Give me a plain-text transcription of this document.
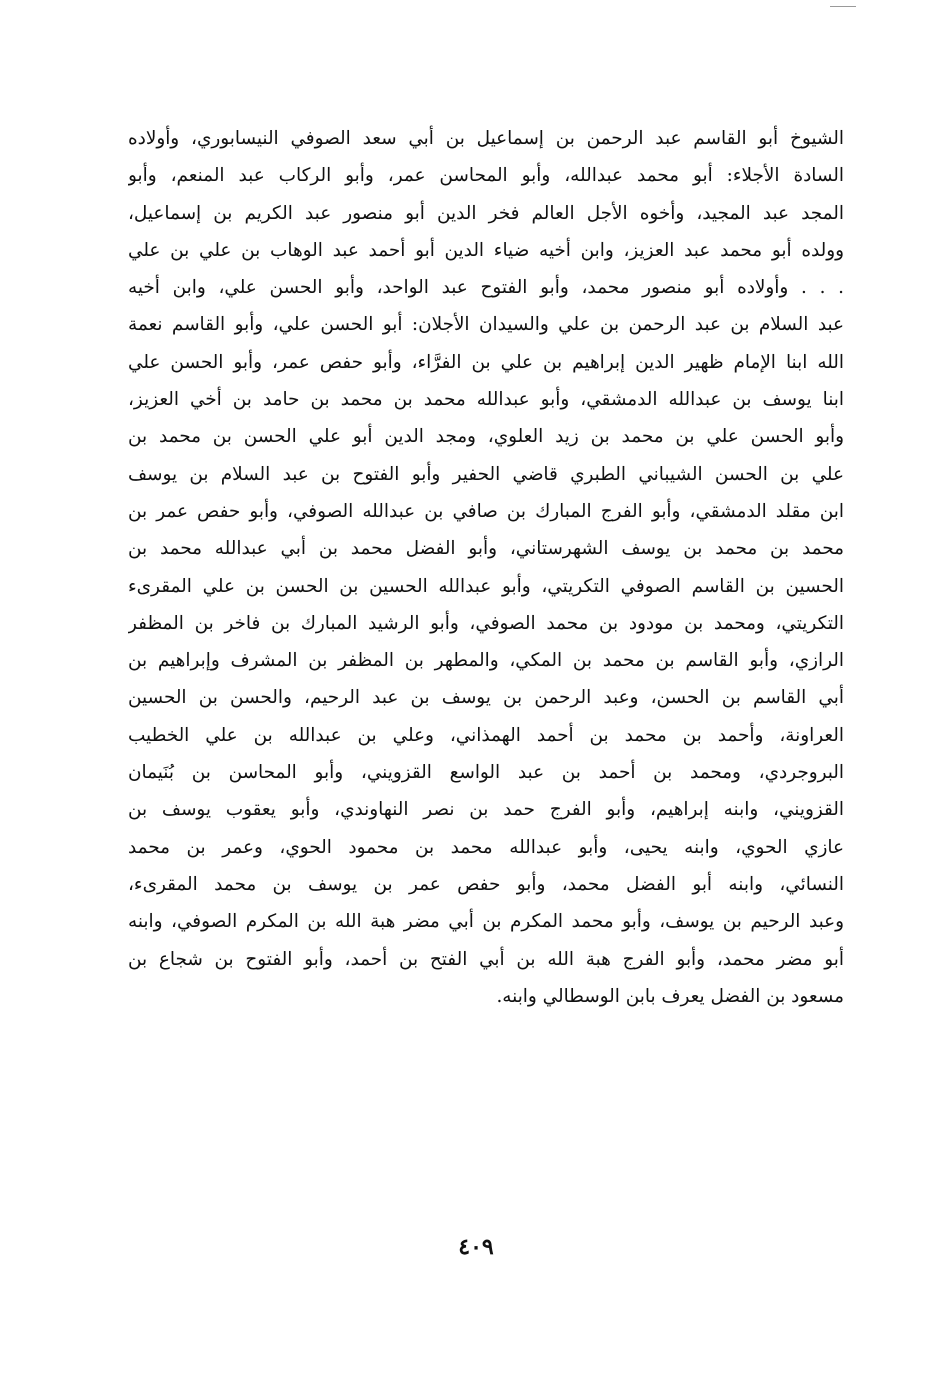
الشيوخ أبو القاسم عبد الرحمن بن إسماعيل بن أبي سعد الصوفي النيسابوري، وأولاده
السادة الأجلاء: أبو محمد عبدالله، وأبو المحاسن عمر، وأبو الركاب عبد المنعم، وأبو
المجد عبد المجيد، وأخوه الأجل العالم فخر الدين أبو منصور عبد الكريم بن إسماعيل،
وولده أبو محمد عبد العزيز، وابن أخيه ضياء الدين أبو أحمد عبد الوهاب بن علي بن علي
. . . وأولاده أبو منصور محمد، وأبو الفتوح عبد الواحد، وأبو الحسن علي، وابن أخيه
عبد السلام بن عبد الرحمن بن علي والسيدان الأجلان: أبو الحسن علي، وأبو القاسم نعمة
الله ابنا الإمام ظهير الدين إبراهيم بن علي بن الفرَّاء، وأبو حفص عمر، وأبو الحسن علي
ابنا يوسف بن عبدالله الدمشقي، وأبو عبدالله محمد بن محمد بن حامد بن أخي العزيز،
وأبو الحسن علي بن محمد بن زيد العلوي، ومجد الدين أبو علي الحسن بن محمد بن
علي بن الحسن الشيباني الطبري قاضي الحفير وأبو الفتوح بن عبد السلام بن يوسف
ابن مقلد الدمشقي، وأبو الفرج المبارك بن صافي بن عبدالله الصوفي، وأبو حفص عمر بن
محمد بن محمد بن يوسف الشهرستاني، وأبو الفضل محمد بن أبي عبدالله محمد بن
الحسين بن القاسم الصوفي التكريتي، وأبو عبدالله الحسين بن الحسن بن علي المقرىء
التكريتي، ومحمد بن مودود بن محمد الصوفي، وأبو الرشيد المبارك بن فاخر بن المظفر
الرازي، وأبو القاسم بن محمد بن المكي، والمطهر بن المظفر بن المشرف وإبراهيم بن
أبي القاسم بن الحسن، وعبد الرحمن بن يوسف بن عبد الرحيم، والحسن بن الحسين
العراونة، وأحمد بن محمد بن أحمد الهمذاني، وعلي بن عبدالله بن علي الخطيب
البروجردي، ومحمد بن أحمد بن عبد الواسع القزويني، وأبو المحاسن بن بُنَيمان
القزويني، وابنه إبراهيم، وأبو الفرج حمد بن نصر النهاوندي، وأبو يعقوب يوسف بن
عازي الحوي، وابنه يحيى، وأبو عبدالله محمد بن محمود الحوي، وعمر بن محمد
النسائي، وابنه أبو الفضل محمد، وأبو حفص عمر بن يوسف بن محمد المقرىء،
وعبد الرحيم بن يوسف، وأبو محمد المكرم بن أبي مضر هبة الله بن المكرم الصوفي، وابنه
أبو مضر محمد، وأبو الفرج هبة الله بن أبي الفتح بن أحمد، وأبو الفتوح بن شجاع بن
مسعود بن الفضل يعرف بابن الوسطالي وابنه.
٤٠٩
